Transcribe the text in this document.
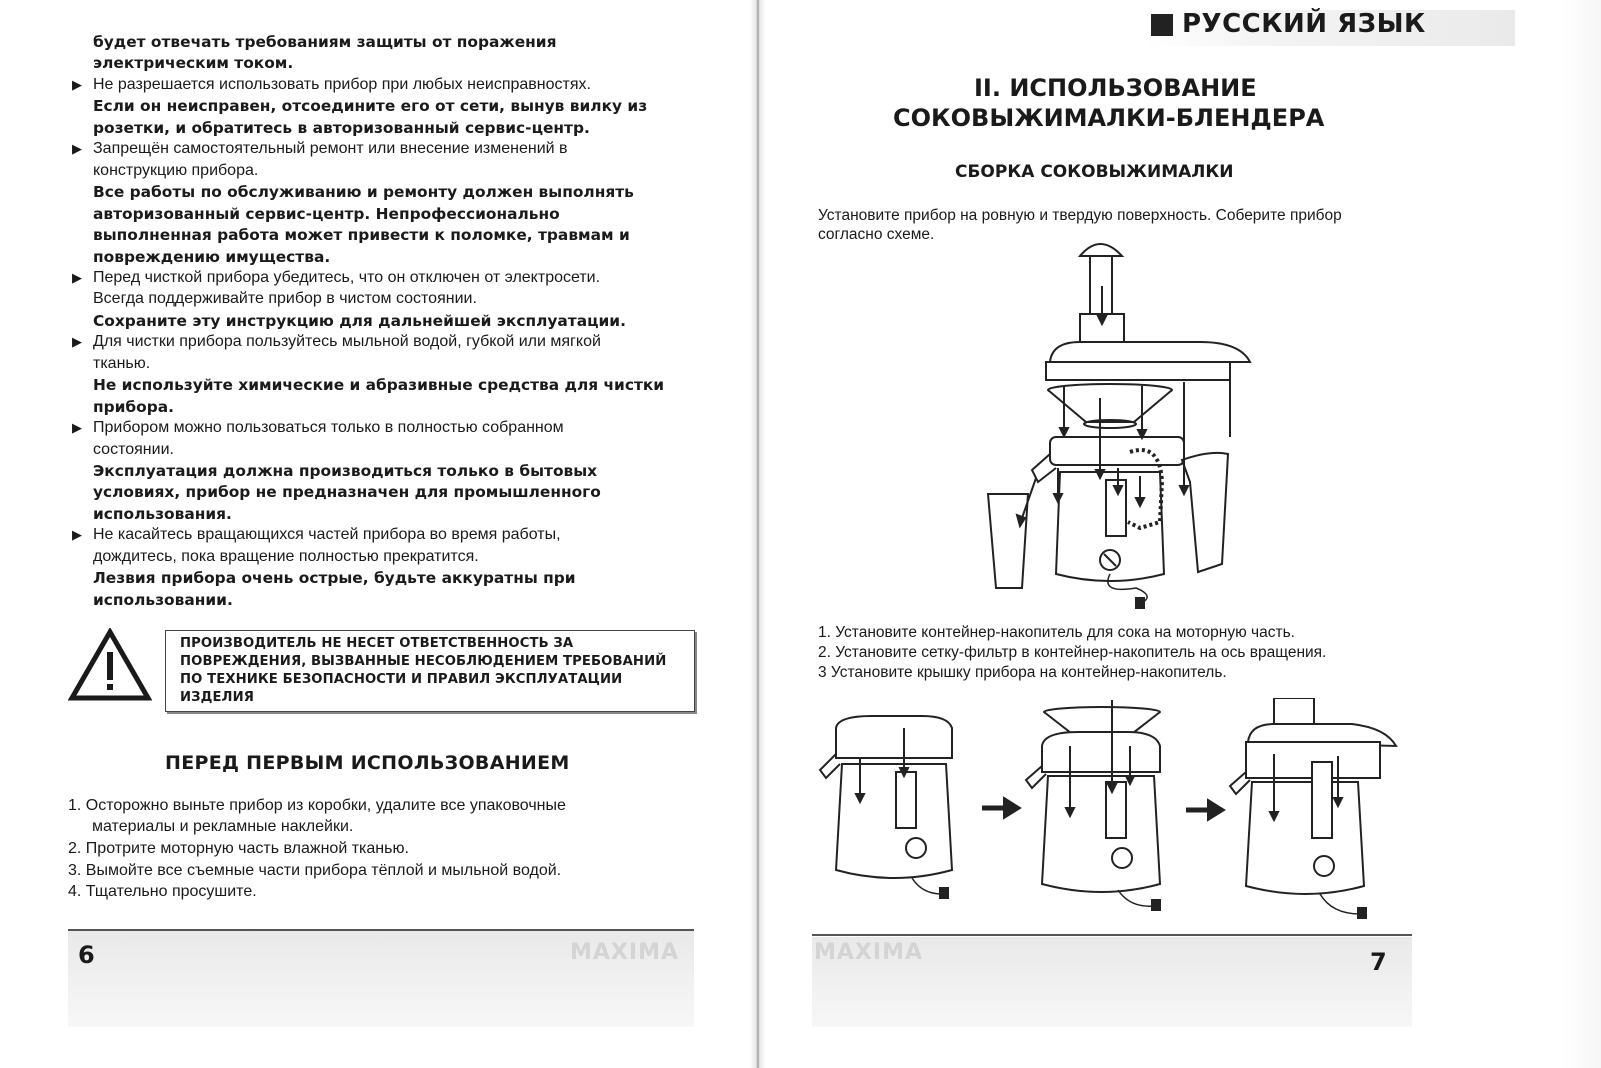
будет отвечать требованиям защиты от поражения
электрическим током.
▶ Не разрешается использовать прибор при любых неисправностях.
Если он неисправен, отсоедините его от сети, вынув вилку из
розетки, и обратитесь в авторизованный сервис-центр.
▶ Запрещён самостоятельный ремонт или внесение изменений в
конструкцию прибора.
Все работы по обслуживанию и ремонту должен выполнять
авторизованный сервис-центр. Непрофессионально
выполненная работа может привести к поломке, травмам и
повреждению имущества.
▶ Перед чисткой прибора убедитесь, что он отключен от электросети.
Всегда поддерживайте прибор в чистом состоянии.
Сохраните эту инструкцию для дальнейшей эксплуатации.
▶ Для чистки прибора пользуйтесь мыльной водой, губкой или мягкой
тканью.
Не используйте химические и абразивные средства для чистки
прибора.
▶ Прибором можно пользоваться только в полностью собранном
состоянии.
Эксплуатация должна производиться только в бытовых
условиях, прибор не предназначен для промышленного
использования.
▶ Не касайтесь вращающихся частей прибора во время работы,
дождитесь, пока вращение полностью прекратится.
Лезвия прибора очень острые, будьте аккуратны при
использовании.
ПРОИЗВОДИТЕЛЬ НЕ НЕСЕТ ОТВЕТСТВЕННОСТЬ ЗА
ПОВРЕЖДЕНИЯ, ВЫЗВАННЫЕ НЕСОБЛЮДЕНИЕМ ТРЕБОВАНИЙ
ПО ТЕХНИКЕ БЕЗОПАСНОСТИ И ПРАВИЛ ЭКСПЛУАТАЦИИ
ИЗДЕЛИЯ
ПЕРЕД ПЕРВЫМ ИСПОЛЬЗОВАНИЕМ
1. Осторожно выньте прибор из коробки, удалите все упаковочные
материалы и рекламные наклейки.
2. Протрите моторную часть влажной тканью.
3. Вымойте все съемные части прибора тёплой и мыльной водой.
4. Тщательно просушите.
6	MAXIMA
РУССКИЙ ЯЗЫК
II. ИСПОЛЬЗОВАНИЕ
СОКОВЫЖИМАЛКИ-БЛЕНДЕРА
СБОРКА СОКОВЫЖИМАЛКИ
Установите прибор на ровную и твердую поверхность. Соберите прибор
согласно схеме.
1. Установите контейнер-накопитель для сока на моторную часть.
2. Установите сетку-фильтр в контейнер-накопитель на ось вращения.
3 Установите крышку прибора на контейнер-накопитель.
MAXIMA	7
